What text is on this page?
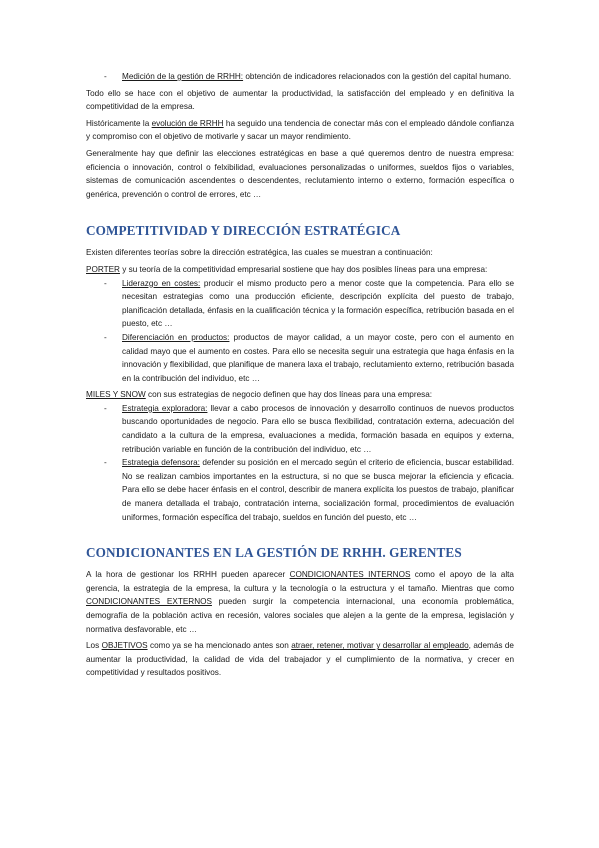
- Medición de la gestión de RRHH: obtención de indicadores relacionados con la gestión del capital humano.

Todo ello se hace con el objetivo de aumentar la productividad, la satisfacción del empleado y en definitiva la competitividad de la empresa.

Históricamente la evolución de RRHH ha seguido una tendencia de conectar más con el empleado dándole confianza y compromiso con el objetivo de motivarle y sacar un mayor rendimiento.

Generalmente hay que definir las elecciones estratégicas en base a qué queremos dentro de nuestra empresa: eficiencia o innovación, control o felxibilidad, evaluaciones personalizadas o uniformes, sueldos fijos o variables, sistemas de comunicación ascendentes o descendentes, reclutamiento interno o externo, formación específica o genérica, prevención o control de errores, etc …

COMPETITIVIDAD Y DIRECCIÓN ESTRATÉGICA

Existen diferentes teorías sobre la dirección estratégica, las cuales se muestran a continuación:

PORTER y su teoría de la competitividad empresarial sostiene que hay dos posibles líneas para una empresa:

- Liderazgo en costes: producir el mismo producto pero a menor coste que la competencia. Para ello se necesitan estrategias como una producción eficiente, descripción explícita del puesto de trabajo, planificación detallada, énfasis en la cualificación técnica y la formación específica, retribución basada en el puesto, etc …
- Diferenciación en productos: productos de mayor calidad, a un mayor coste, pero con el aumento en calidad mayo que el aumento en costes. Para ello se necesita seguir una estrategia que haga énfasis en la innovación y flexibilidad, que planifique de manera laxa el trabajo, reclutamiento externo, retribución basada en la contribución del individuo, etc …

MILES Y SNOW con sus estrategias de negocio definen que hay dos líneas para una empresa:

- Estrategia exploradora: llevar a cabo procesos de innovación y desarrollo continuos de nuevos productos buscando oportunidades de negocio. Para ello se busca flexibilidad, contratación externa, adecuación del candidato a la cultura de la empresa, evaluaciones a medida, formación basada en equipos y externa, retribución variable en función de la contribución del individuo, etc …
- Estrategia defensora: defender su posición en el mercado según el criterio de eficiencia, buscar estabilidad. No se realizan cambios importantes en la estructura, si no que se busca mejorar la eficiencia y eficacia. Para ello se debe hacer énfasis en el control, describir de manera explícita los puestos de trabajo, planificar de manera detallada el trabajo, contratación interna, socialización formal, procedimientos de evaluación uniformes, formación específica del trabajo, sueldos en función del puesto, etc …
CONDICIONANTES EN LA GESTIÓN DE RRHH. GERENTES

A la hora de gestionar los RRHH pueden aparecer CONDICIONANTES INTERNOS como el apoyo de la alta gerencia, la estrategia de la empresa, la cultura y la tecnología o la estructura y el tamaño. Mientras que como CONDICIONANTES EXTERNOS pueden surgir la competencia internacional, una economía problemática, demografía de la población activa en recesión, valores sociales que alejen a la gente de la empresa, legislación y normativa desfavorable, etc …

Los OBJETIVOS como ya se ha mencionado antes son atraer, retener, motivar y desarrollar al empleado, además de aumentar la productividad, la calidad de vida del trabajador y el cumplimiento de la normativa, y crecer en competitividad y resultados positivos.
